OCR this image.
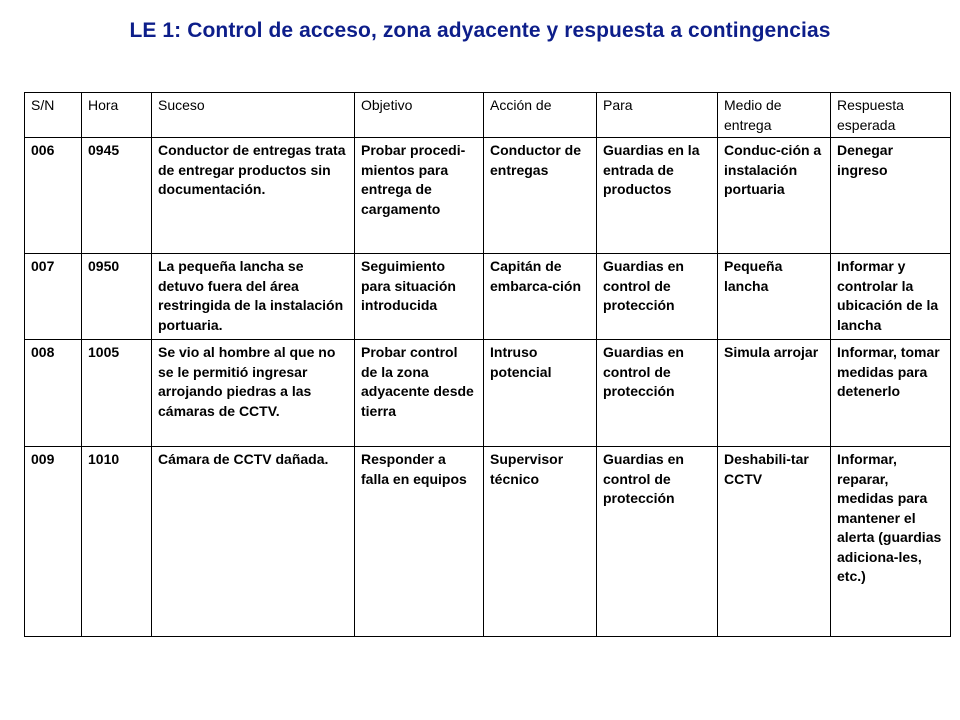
LE 1: Control de acceso, zona adyacente y respuesta a contingencias
S/N	Hora	Suceso	Objetivo	Acción de	Para	Medio de entrega	Respuesta esperada
006	0945	Conductor de entregas trata de entregar productos sin documentación.	Probar procedi-mientos para entrega de cargamento	Conductor de entregas	Guardias en la entrada de productos	Conduc-ción a instalación portuaria	Denegar ingreso
007	0950	La pequeña lancha se detuvo fuera del área restringida de la instalación portuaria.	Seguimiento para situación introducida	Capitán de embarca-ción	Guardias en control de protección	Pequeña lancha	Informar y controlar la ubicación de la lancha
008	1005	Se vio al hombre al que no se le permitió ingresar arrojando piedras a las cámaras de CCTV.	Probar control de la zona adyacente desde tierra	Intruso potencial	Guardias en control de protección	Simula arrojar	Informar, tomar medidas para detenerlo
009	1010	Cámara de CCTV dañada.	Responder a falla en equipos	Supervisor técnico	Guardias en control de protección	Deshabili-tar CCTV	Informar, reparar, medidas para mantener el alerta (guardias adiciona-les, etc.)
